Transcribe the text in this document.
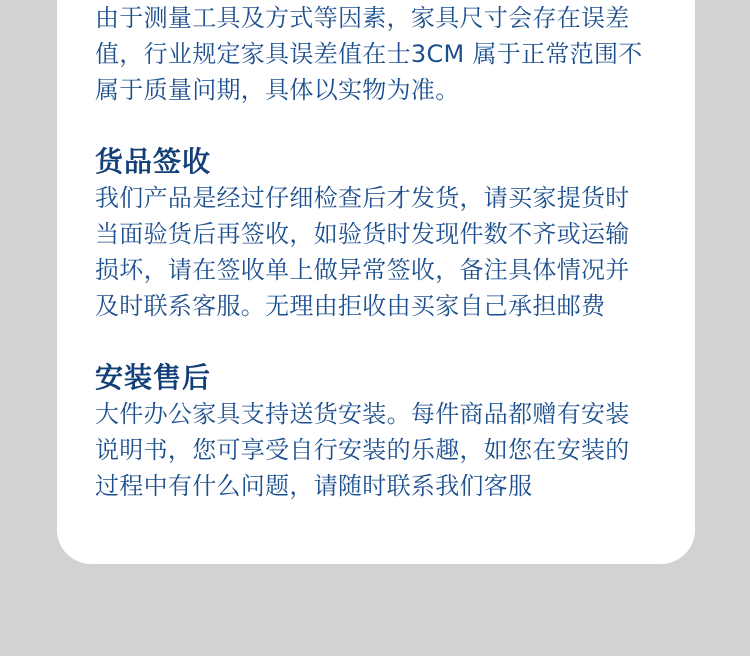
由于测量工具及方式等因素，家具尺寸会存在误差
值，行业规定家具误差值在士3CM 属于正常范围不
属于质量问期，具体以实物为准。

货品签收

我们产品是经过仔细检查后才发货，请买家提货时
当面验货后再签收，如验货时发现件数不齐或运输
损坏，请在签收单上做异常签收，备注具体情况并
及时联系客服。无理由拒收由买家自己承担邮费

安装售后

大件办公家具支持送货安装。每件商品都赠有安装
说明书，您可享受自行安装的乐趣，如您在安装的
过程中有什么问题，请随时联系我们客服
